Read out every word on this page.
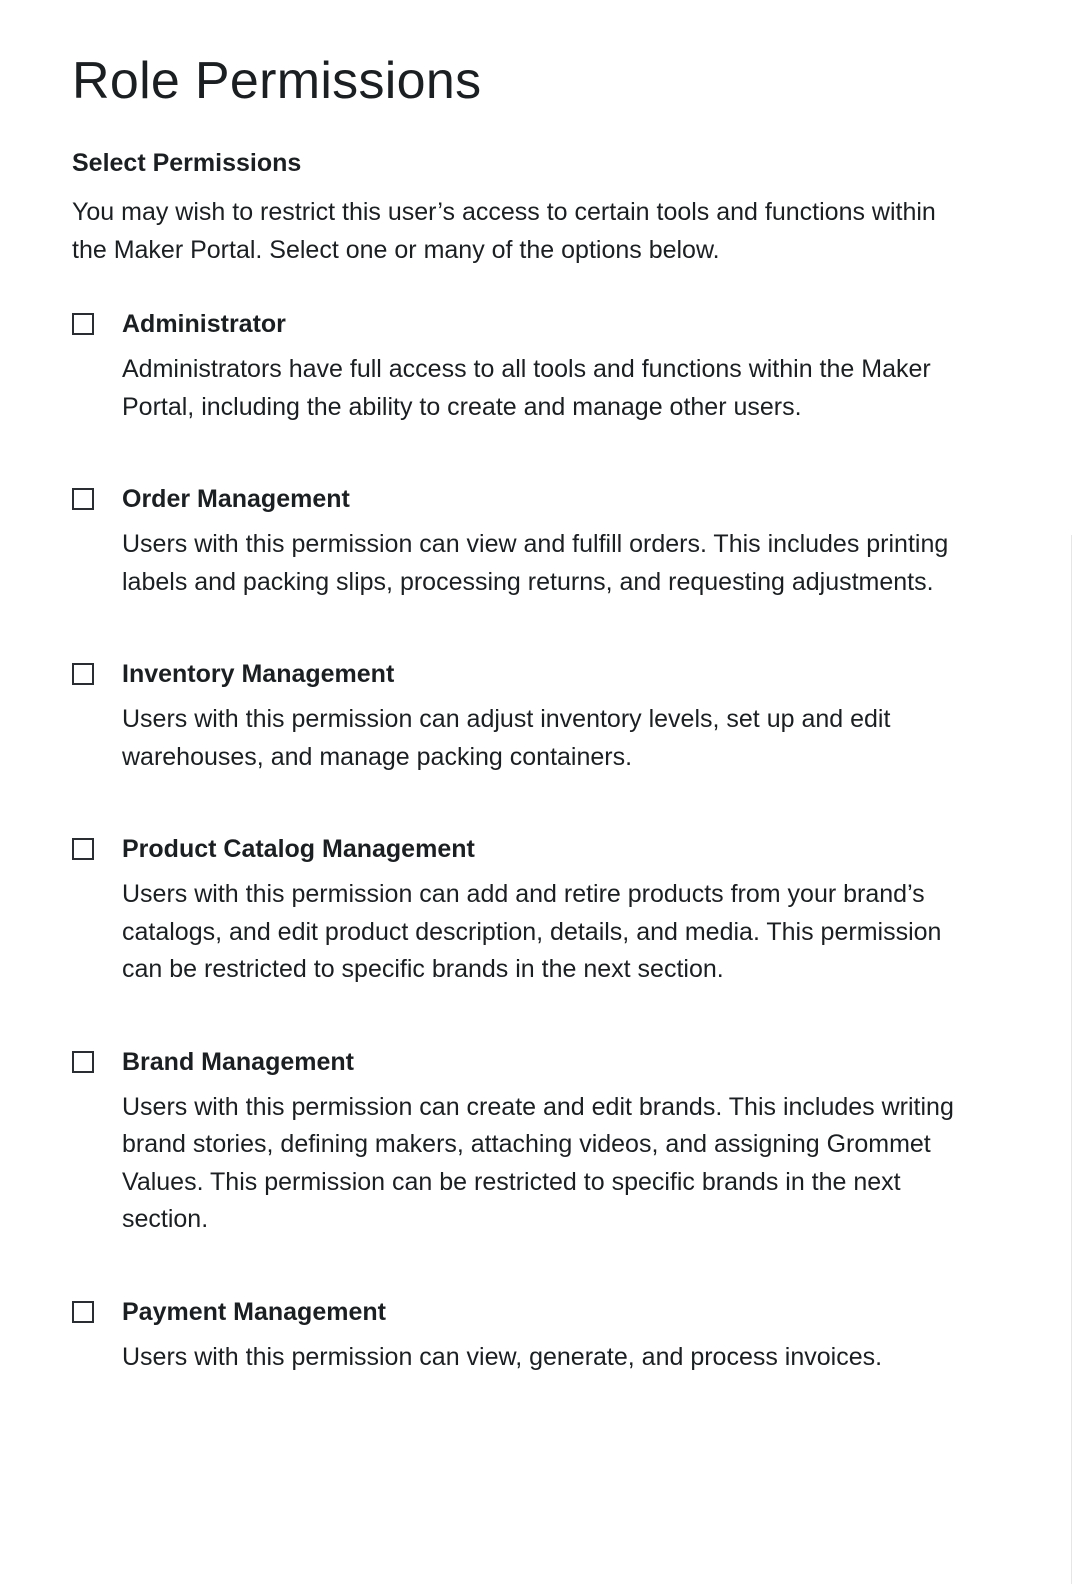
Role Permissions
Select Permissions

You may wish to restrict this user’s access to certain tools and functions within the Maker Portal. Select one or many of the options below.

Administrator
Administrators have full access to all tools and functions within the Maker Portal, including the ability to create and manage other users.
Order Management
Users with this permission can view and fulfill orders. This includes printing labels and packing slips, processing returns, and requesting adjustments.
Inventory Management
Users with this permission can adjust inventory levels, set up and edit warehouses, and manage packing containers.
Product Catalog Management
Users with this permission can add and retire products from your brand’s catalogs, and edit product description, details, and media. This permission can be restricted to specific brands in the next section.
Brand Management
Users with this permission can create and edit brands. This includes writing brand stories, defining makers, attaching videos, and assigning Grommet Values. This permission can be restricted to specific brands in the next section.
Payment Management
Users with this permission can view, generate, and process invoices.
